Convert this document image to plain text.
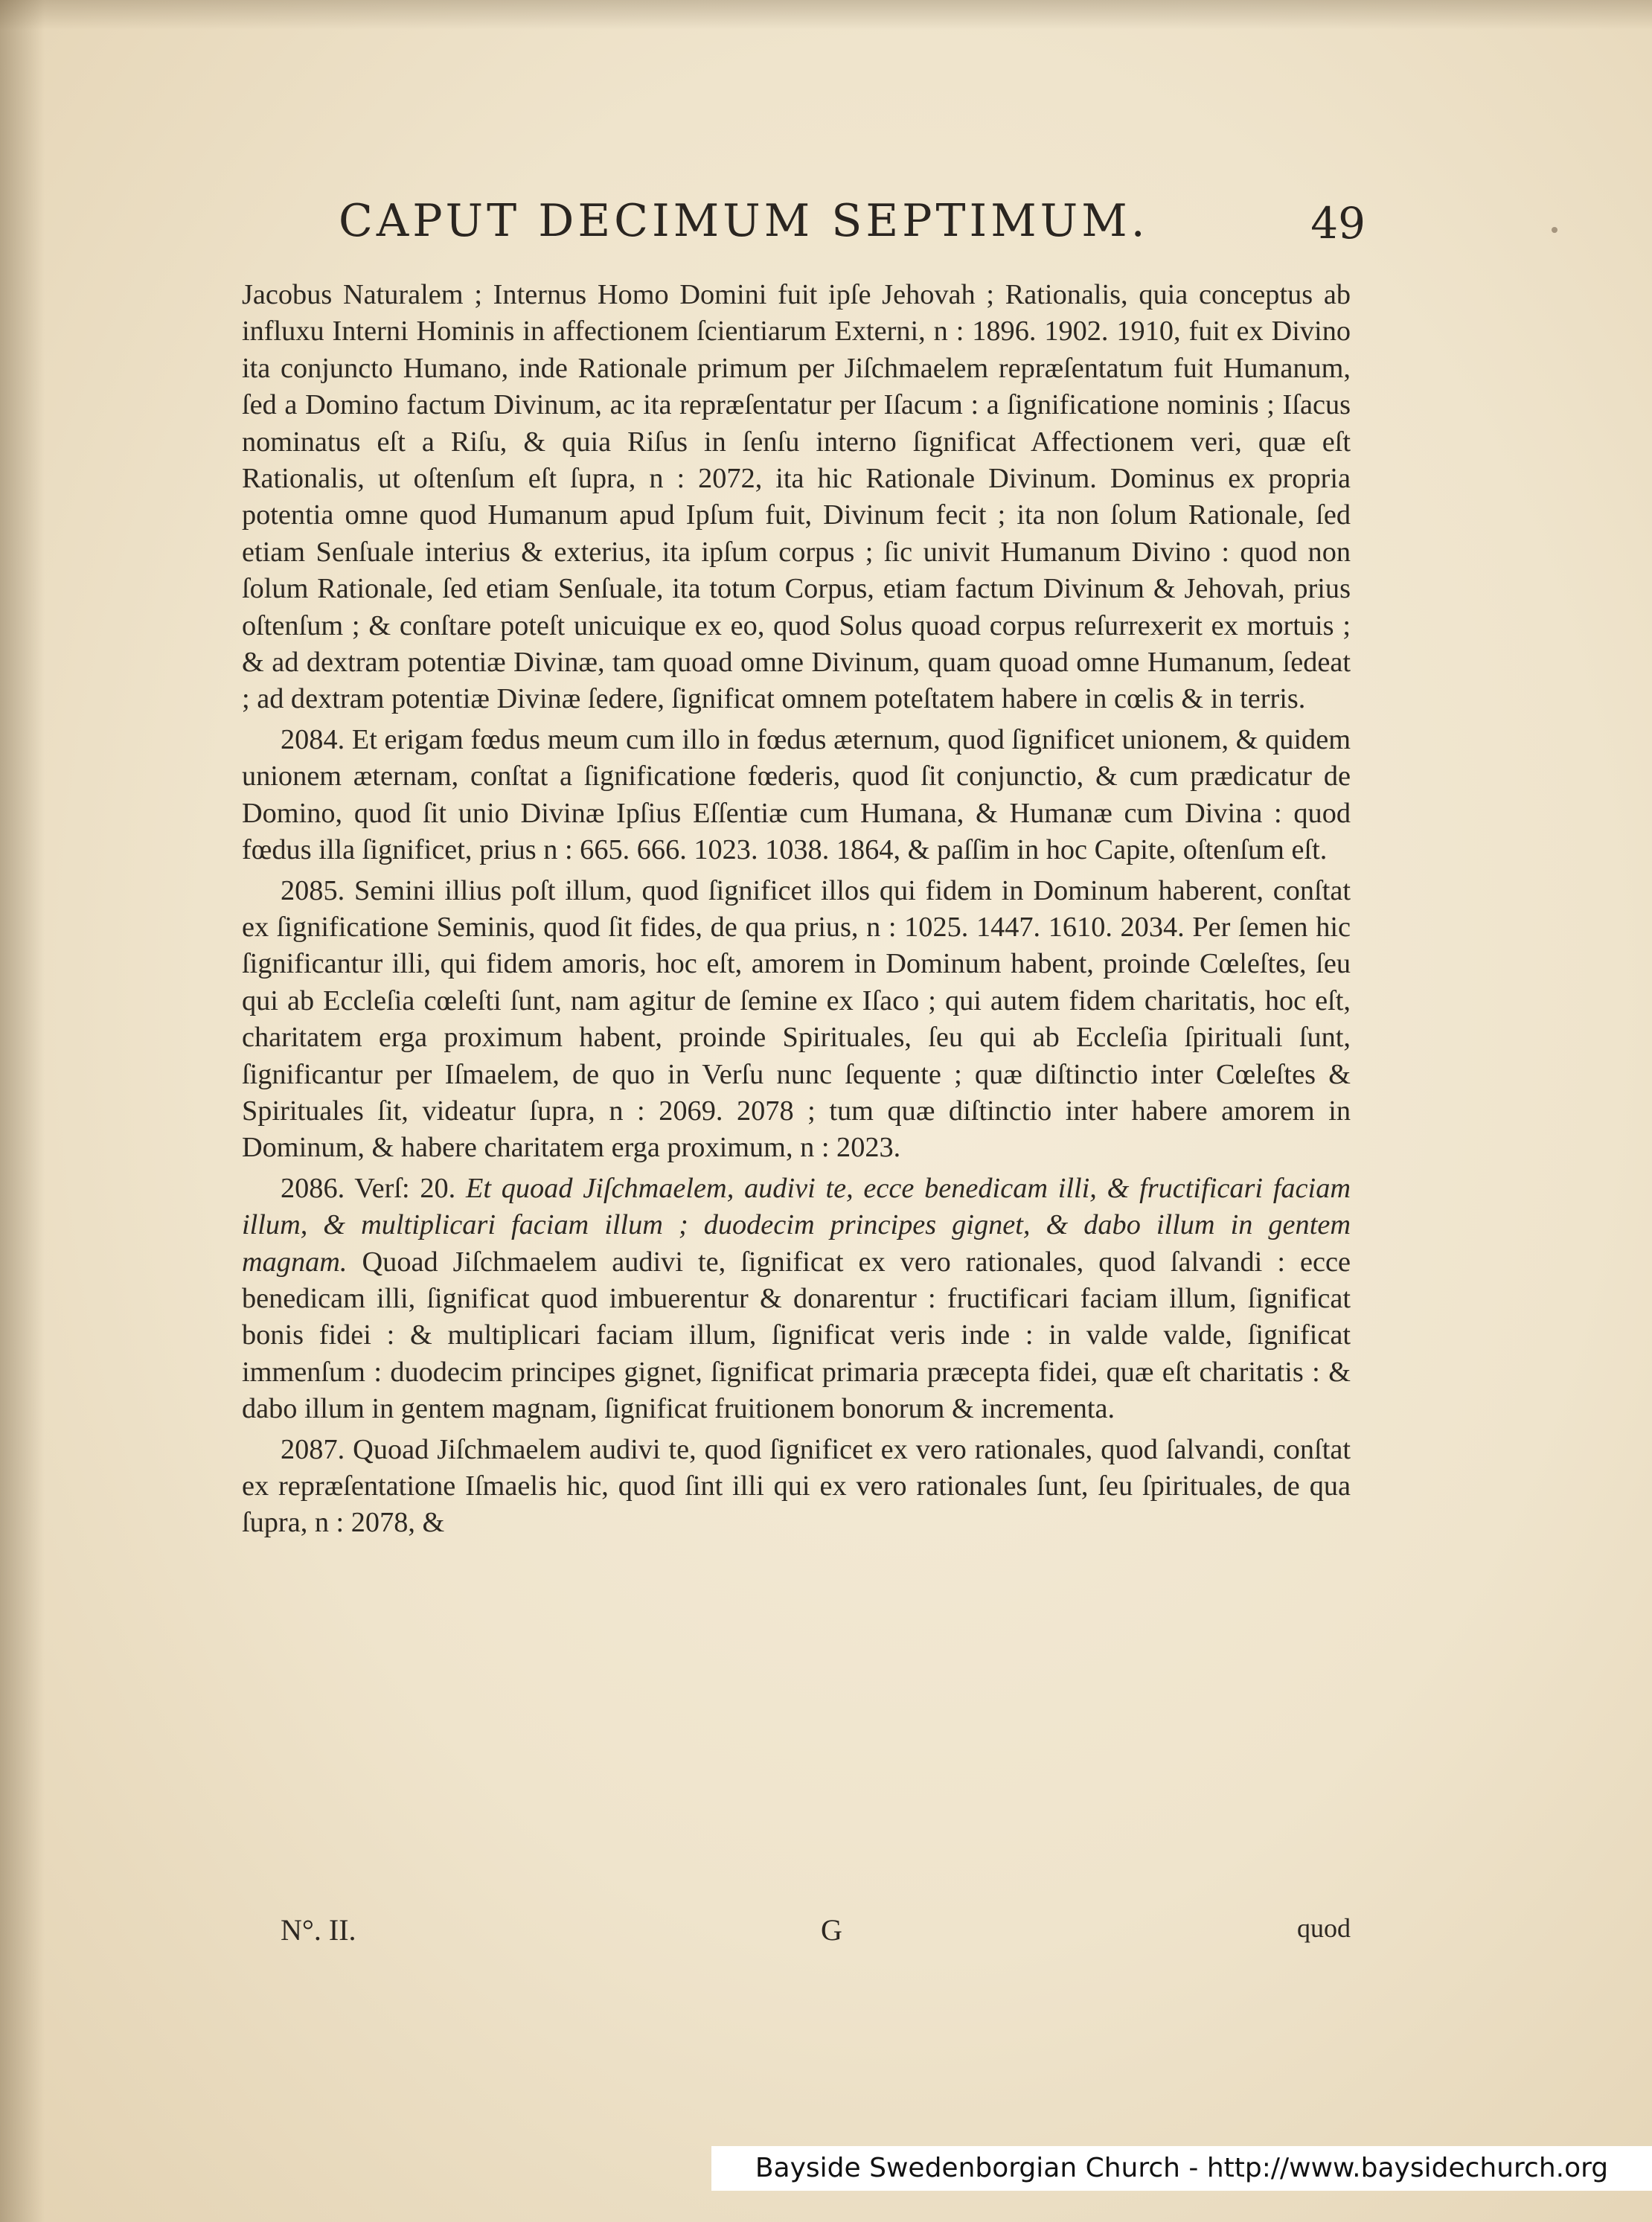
CAPUT DECIMUM SEPTIMUM.	49

Jacobus Naturalem ; Internus Homo Domini fuit ipſe Jehovah ; Rationalis, quia conceptus ab influxu Interni Hominis in affectionem ſcientiarum Externi, n : 1896. 1902. 1910, fuit ex Divino ita conjuncto Humano, inde Rationale primum per Jiſchmaelem repræſentatum fuit Humanum, ſed a Domino factum Divinum, ac ita repræſentatur per Iſacum : a ſignificatione nominis ; Iſacus nominatus eſt a Riſu, & quia Riſus in ſenſu interno ſignificat Affectionem veri, quæ eſt Rationalis, ut oſtenſum eſt ſupra, n : 2072, ita hic Rationale Divinum. Dominus ex propria potentia omne quod Humanum apud Ipſum fuit, Divinum fecit ; ita non ſolum Rationale, ſed etiam Senſuale interius & exterius, ita ipſum corpus ; ſic univit Humanum Divino : quod non ſolum Rationale, ſed etiam Senſuale, ita totum Corpus, etiam factum Divinum & Jehovah, prius oſtenſum ; & conſtare poteſt unicuique ex eo, quod Solus quoad corpus reſurrexerit ex mortuis ; & ad dextram potentiæ Divinæ, tam quoad omne Divinum, quam quoad omne Humanum, ſedeat ; ad dextram potentiæ Divinæ ſedere, ſignificat omnem poteſtatem habere in cœlis & in terris.

2084. Et erigam fœdus meum cum illo in fœdus æternum, quod ſignificet unionem, & quidem unionem æternam, conſtat a ſignificatione fœderis, quod ſit conjunctio, & cum prædicatur de Domino, quod ſit unio Divinæ Ipſius Eſſentiæ cum Humana, & Humanæ cum Divina : quod fœdus illa ſignificet, prius n : 665. 666. 1023. 1038. 1864, & paſſim in hoc Capite, oſtenſum eſt.

2085. Semini illius poſt illum, quod ſignificet illos qui fidem in Dominum haberent, conſtat ex ſignificatione Seminis, quod ſit fides, de qua prius, n : 1025. 1447. 1610. 2034. Per ſemen hic ſignificantur illi, qui fidem amoris, hoc eſt, amorem in Dominum habent, proinde Cœleſtes, ſeu qui ab Eccleſia cœleſti ſunt, nam agitur de ſemine ex Iſaco ; qui autem fidem charitatis, hoc eſt, charitatem erga proximum habent, proinde Spirituales, ſeu qui ab Eccleſia ſpirituali ſunt, ſignificantur per Iſmaelem, de quo in Verſu nunc ſequente ; quæ diſtinctio inter Cœleſtes & Spirituales ſit, videatur ſupra, n : 2069. 2078 ; tum quæ diſtinctio inter habere amorem in Dominum, & habere charitatem erga proximum, n : 2023.

2086. Verſ: 20. Et quoad Jiſchmaelem, audivi te, ecce benedicam illi, & fructificari faciam illum, & multiplicari faciam illum ; duodecim principes gignet, & dabo illum in gentem magnam. Quoad Jiſchmaelem audivi te, ſignificat ex vero rationales, quod ſalvandi : ecce benedicam illi, ſignificat quod imbuerentur & donarentur : fructificari faciam illum, ſignificat bonis fidei : & multiplicari faciam illum, ſignificat veris inde : in valde valde, ſignificat immenſum : duodecim principes gignet, ſignificat primaria præcepta fidei, quæ eſt charitatis : & dabo illum in gentem magnam, ſignificat fruitionem bonorum & incrementa.

2087. Quoad Jiſchmaelem audivi te, quod ſignificet ex vero rationales, quod ſalvandi, conſtat ex repræſentatione Iſmaelis hic, quod ſint illi qui ex vero rationales ſunt, ſeu ſpirituales, de qua ſupra, n : 2078, &

N°. II.	G	quod
Bayside Swedenborgian Church - http://www.baysidechurch.org
